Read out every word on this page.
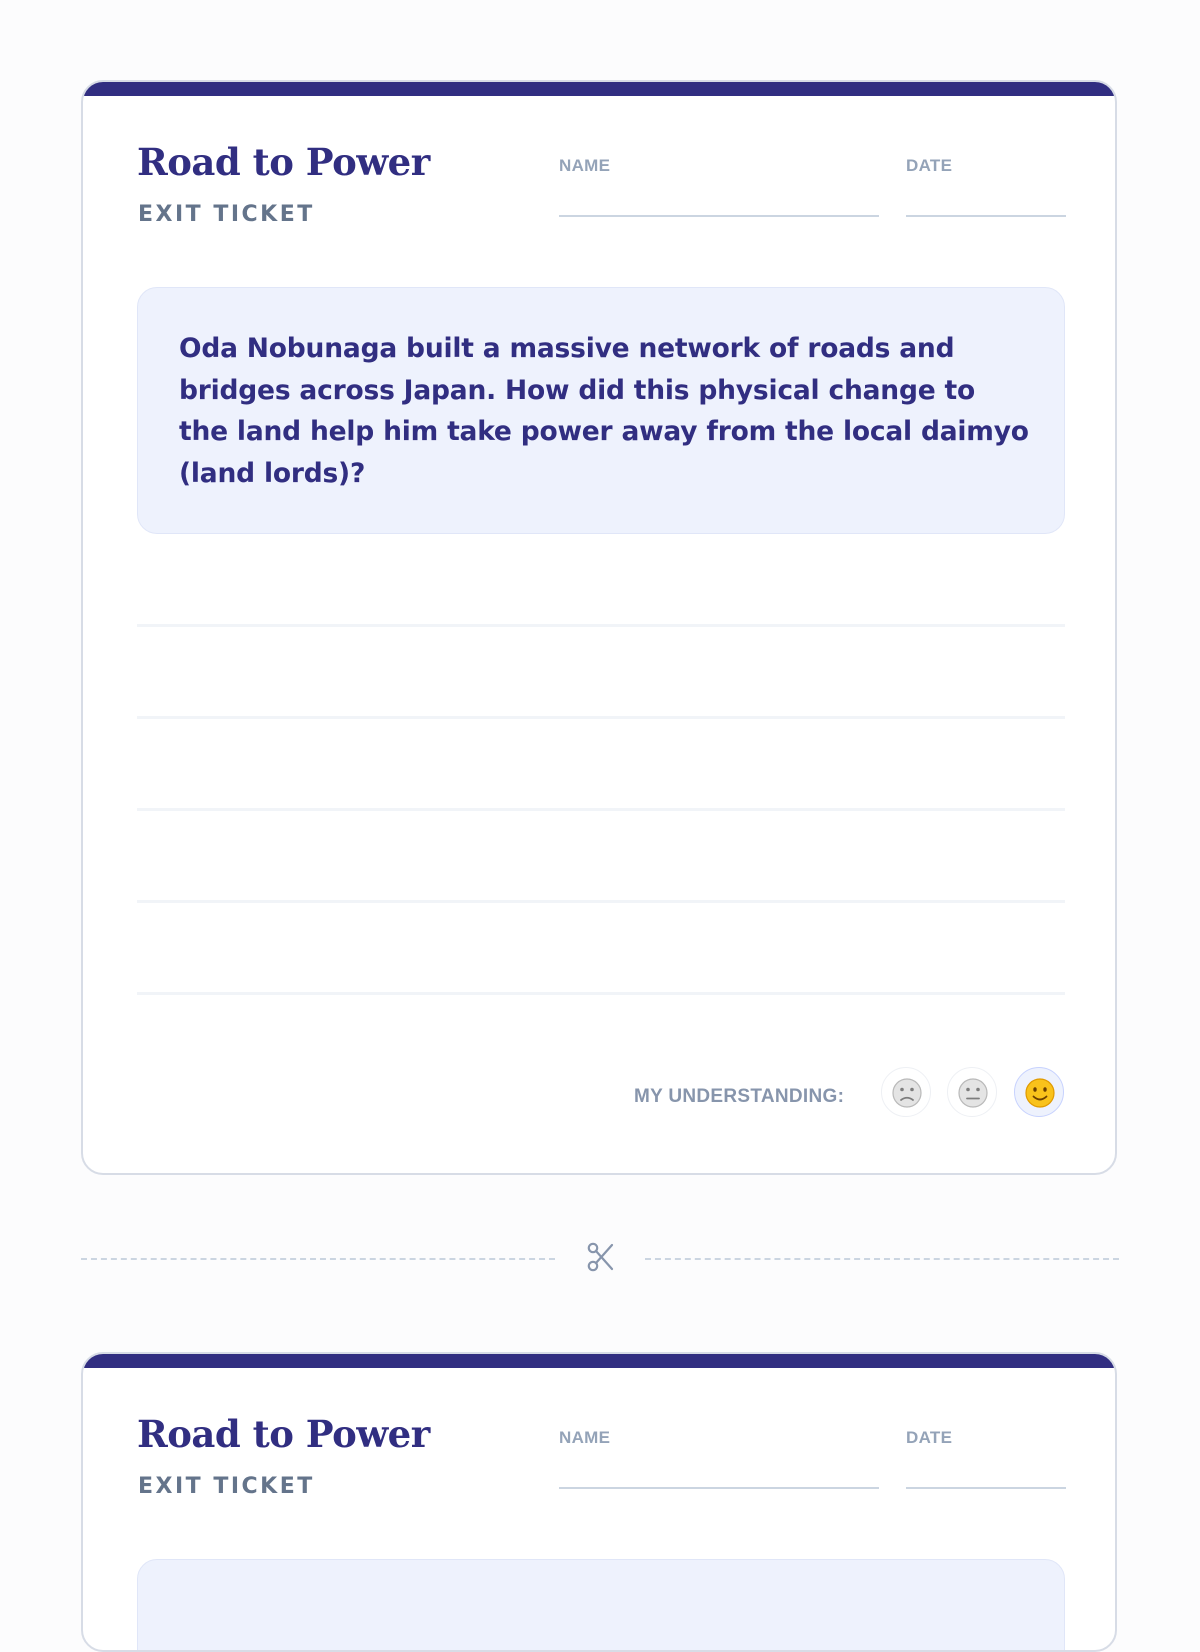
Road to Power
EXIT TICKET
NAME	DATE
Oda Nobunaga built a massive network of roads and bridges across Japan. How did this physical change to the land help him take power away from the local daimyo (land lords)?
MY UNDERSTANDING:
Road to Power
EXIT TICKET
NAME	DATE
